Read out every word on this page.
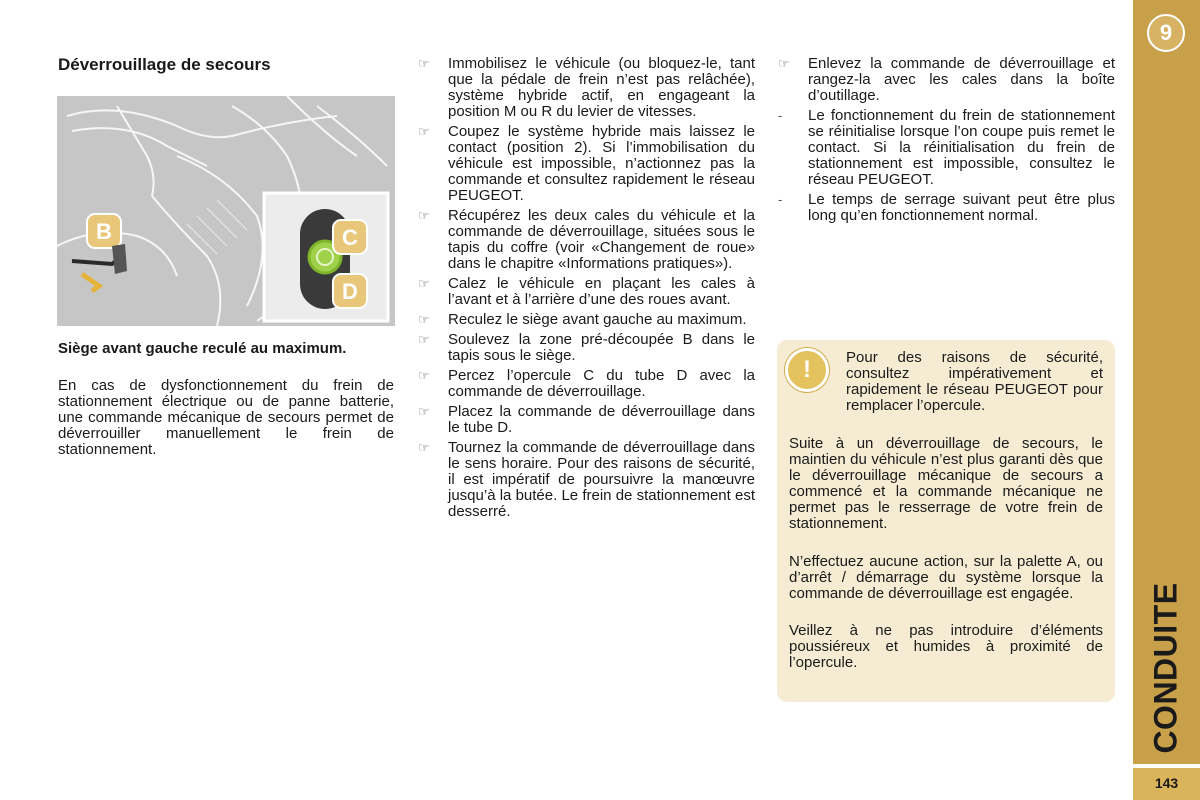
9
CONDUITE
143
Déverrouillage de secours
B	C
D
Siège avant gauche reculé au maximum.
En cas de dysfonctionnement du frein de stationnement électrique ou de panne batterie, une commande mécanique de secours permet de déverrouiller manuellement le frein de stationnement.
☞	Immobilisez le véhicule (ou bloquez-le, tant que la pédale de frein n’est pas relâchée), système hybride actif, en engageant la position M ou R du levier de vitesses.
☞	Coupez le système hybride mais laissez le contact (position 2). Si l’immobilisation du véhicule est impossible, n’actionnez pas la commande et consultez rapidement le réseau PEUGEOT.
☞	Récupérez les deux cales du véhicule et la commande de déverrouillage, situées sous le tapis du coffre (voir «Changement de roue» dans le chapitre «Informations pratiques»).
☞	Calez le véhicule en plaçant les cales à l’avant et à l’arrière d’une des roues avant.
☞	Reculez le siège avant gauche au maximum.
☞	Soulevez la zone pré-découpée B dans le tapis sous le siège.
☞	Percez l’opercule C du tube D avec la commande de déverrouillage.
☞	Placez la commande de déverrouillage dans le tube D.
☞	Tournez la commande de déverrouillage dans le sens horaire. Pour des raisons de sécurité, il est impératif de poursuivre la manœuvre jusqu’à la butée. Le frein de stationnement est desserré.
☞	Enlevez la commande de déverrouillage et rangez-la avec les cales dans la boîte d’outillage.
-	Le fonctionnement du frein de stationnement se réinitialise lorsque l’on coupe puis remet le contact. Si la réinitialisation du frein de stationnement est impossible, consultez le réseau PEUGEOT.
-	Le temps de serrage suivant peut être plus long qu’en fonctionnement normal.
!	Pour des raisons de sécurité, consultez impérativement et rapidement le réseau PEUGEOT pour remplacer l’opercule.
Suite à un déverrouillage de secours, le maintien du véhicule n’est plus garanti dès que le déverrouillage mécanique de secours a commencé et la commande mécanique ne permet pas le resserrage de votre frein de stationnement.
N’effectuez aucune action, sur la palette A, ou d’arrêt / démarrage du système lorsque la commande de déverrouillage est engagée.
Veillez à ne pas introduire d’éléments poussiéreux et humides à proximité de l’opercule.
